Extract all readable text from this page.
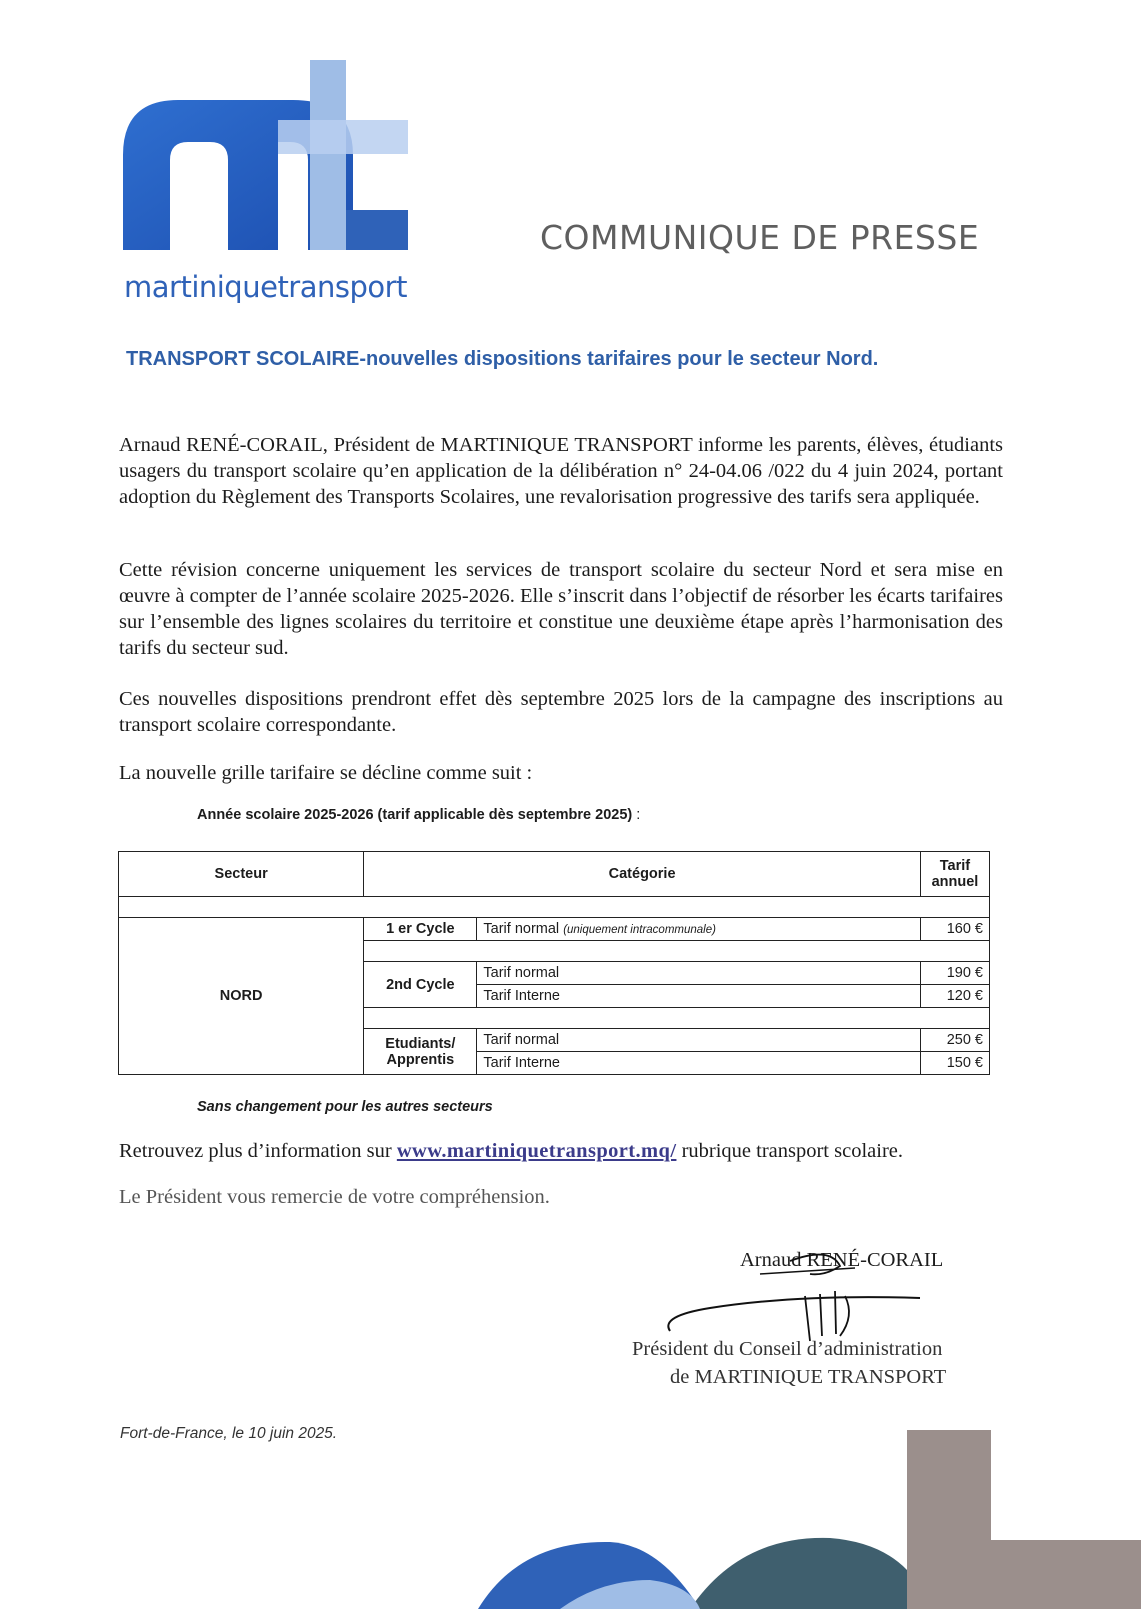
martiniquetransport
COMMUNIQUE DE PRESSE
TRANSPORT SCOLAIRE-nouvelles dispositions tarifaires pour le secteur Nord.
Arnaud RENÉ-CORAIL, Président de MARTINIQUE TRANSPORT informe les parents, élèves, étudiants usagers du transport scolaire qu’en application de la délibération n° 24-04.06 /022 du 4 juin 2024, portant adoption du Règlement des Transports Scolaires, une revalorisation progressive des tarifs sera appliquée.
Cette révision concerne uniquement les services de transport scolaire du secteur Nord et sera mise en œuvre à compter de l’année scolaire 2025-2026. Elle s’inscrit dans l’objectif de résorber les écarts tarifaires sur l’ensemble des lignes scolaires du territoire et constitue une deuxième étape après l’harmonisation des tarifs du secteur sud.
Ces nouvelles dispositions prendront effet dès septembre 2025 lors de la campagne des inscriptions au transport scolaire correspondante.
La nouvelle grille tarifaire se décline comme suit :
Année scolaire 2025-2026 (tarif applicable dès septembre 2025) :
Secteur	Catégorie		Tarif annuel

NORD	1 er Cycle	Tarif normal (uniquement intracommunale)	160 €

	2nd Cycle	Tarif normal	190 €
		Tarif Interne	120 €

	Etudiants/ Apprentis	Tarif normal	250 €
		Tarif Interne	150 €
Sans changement pour les autres secteurs
Retrouvez plus d’information sur www.martiniquetransport.mq/ rubrique transport scolaire.
Le Président vous remercie de votre compréhension.
Arnaud RENÉ-CORAIL
Président du Conseil d’administration
de MARTINIQUE TRANSPORT
Fort-de-France, le 10 juin 2025.
